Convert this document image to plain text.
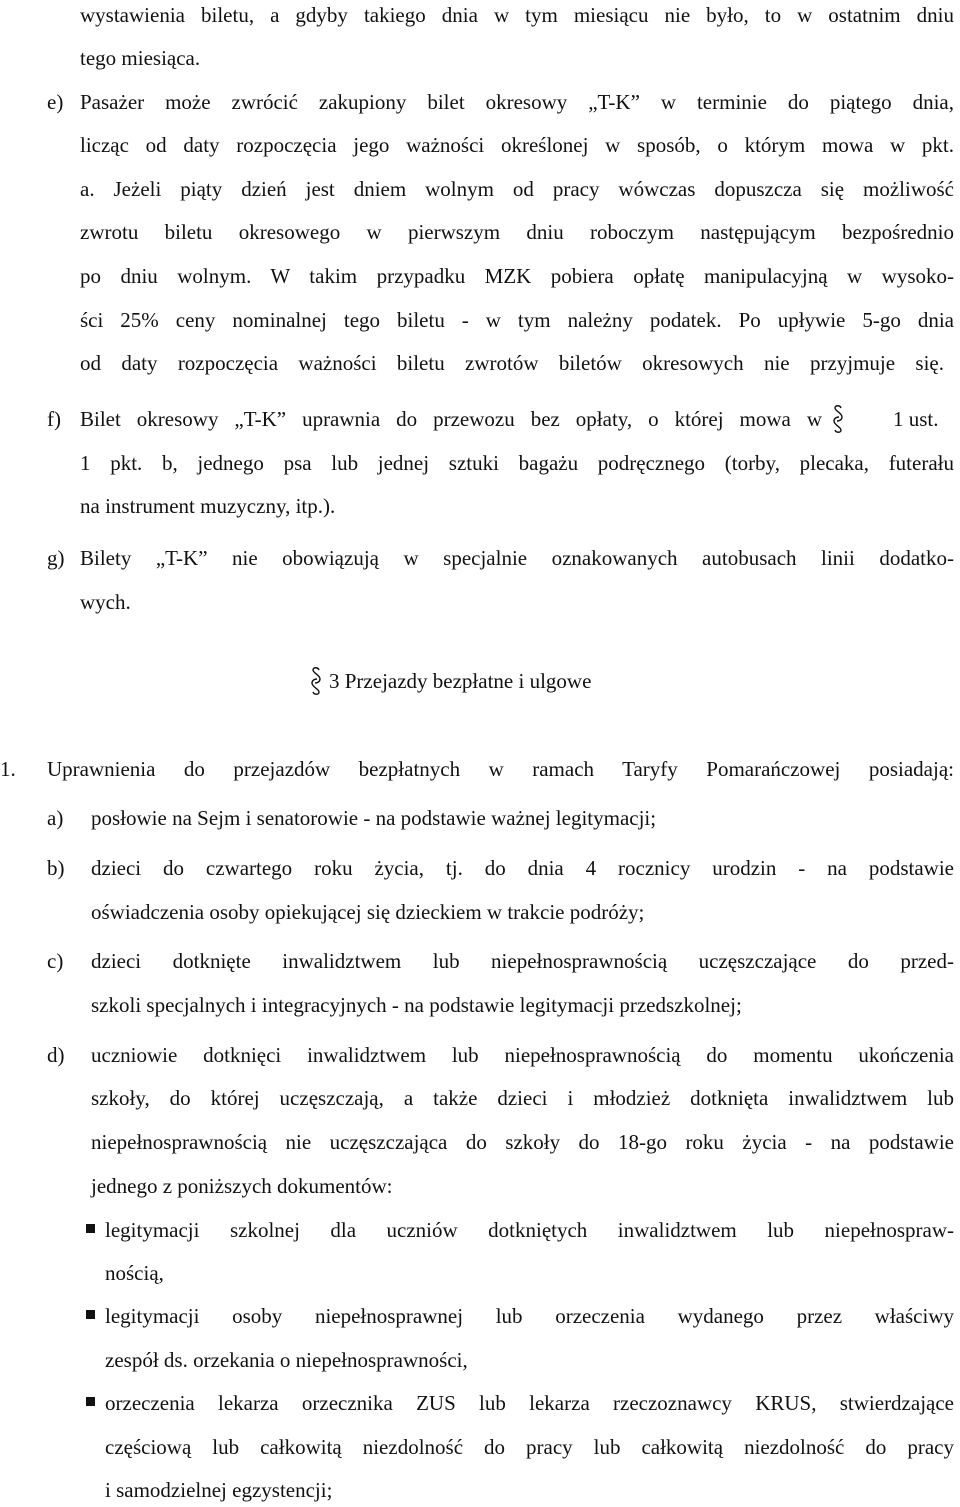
wystawienia biletu, a gdyby takiego dnia w tym miesiącu nie było, to w ostatnim dniu
tego miesiąca.
e) Pasażer może zwrócić zakupiony bilet okresowy „T-K” w terminie do piątego dnia,
licząc od daty rozpoczęcia jego ważności określonej w sposób, o którym mowa w pkt.
a. Jeżeli piąty dzień jest dniem wolnym od pracy wówczas dopuszcza się możliwość
zwrotu biletu okresowego w pierwszym dniu roboczym następującym bezpośrednio
po dniu wolnym. W takim przypadku MZK pobiera opłatę manipulacyjną w wysoko-
ści 25% ceny nominalnej tego biletu - w tym należny podatek. Po upływie 5-go dnia
od daty rozpoczęcia ważności biletu zwrotów biletów okresowych nie przyjmuje się.
f) Bilet okresowy „T-K” uprawnia do przewozu bez opłaty, o której mowa w	1 ust.
1 pkt. b, jednego psa lub jednej sztuki bagażu podręcznego (torby, plecaka, futerału
na instrument muzyczny, itp.).
g) Bilety „T-K” nie obowiązują w specjalnie oznakowanych autobusach linii dodatko-
wych.
3 Przejazdy bezpłatne i ulgowe
1. Uprawnienia do przejazdów bezpłatnych w ramach Taryfy Pomarańczowej posiadają:
a) posłowie na Sejm i senatorowie - na podstawie ważnej legitymacji;
b) dzieci do czwartego roku życia, tj. do dnia 4 rocznicy urodzin - na podstawie
oświadczenia osoby opiekującej się dzieckiem w trakcie podróży;
c) dzieci dotknięte inwalidztwem lub niepełnosprawnością uczęszczające do przed-
szkoli specjalnych i integracyjnych - na podstawie legitymacji przedszkolnej;
d) uczniowie dotknięci inwalidztwem lub niepełnosprawnością do momentu ukończenia
szkoły, do której uczęszczają, a także dzieci i młodzież dotknięta inwalidztwem lub
niepełnosprawnością nie uczęszczająca do szkoły do 18-go roku życia - na podstawie
jednego z poniższych dokumentów:
legitymacji szkolnej dla uczniów dotkniętych inwalidztwem lub niepełnospraw-
nością,
legitymacji osoby niepełnosprawnej lub orzeczenia wydanego przez właściwy
zespół ds. orzekania o niepełnosprawności,
orzeczenia lekarza orzecznika ZUS lub lekarza rzeczoznawcy KRUS, stwierdzające
częściową lub całkowitą niezdolność do pracy lub całkowitą niezdolność do pracy
i samodzielnej egzystencji;
